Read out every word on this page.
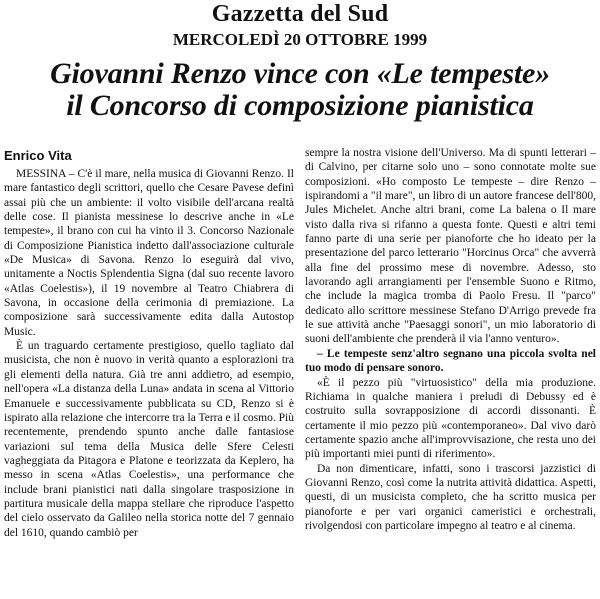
Gazzetta del Sud
MERCOLEDÌ 20 OTTOBRE 1999
Giovanni Renzo vince con «Le tempeste»
il Concorso di composizione pianistica
Enrico Vita

MESSINA – C'è il mare, nella musica di Giovanni Renzo. Il mare fantastico degli scrittori, quello che Cesare Pavese definì assai più che un ambiente: il volto visibile dell'arcana realtà delle cose. Il pianista messinese lo descrive anche in «Le tempeste», il brano con cui ha vinto il 3. Concorso Nazionale di Composizione Pianistica indetto dall'associazione culturale «De Musica» di Savona. Renzo lo eseguirà dal vivo, unitamente a Noctis Splendentia Signa (dal suo recente lavoro «Atlas Coelestis»), il 19 novembre al Teatro Chiabrera di Savona, in occasione della cerimonia di premiazione. La composizione sarà successivamente edita dalla Autostop Music.

È un traguardo certamente prestigioso, quello tagliato dal musicista, che non è nuovo in verità quanto a esplorazioni tra gli elementi della natura. Già tre anni addietro, ad esempio, nell'opera «La distanza della Luna» andata in scena al Vittorio Emanuele e successivamente pubblicata su CD, Renzo si è ispirato alla relazione che intercorre tra la Terra e il cosmo. Più recentemente, prendendo spunto anche dalle fantasiose variazioni sul tema della Musica delle Sfere Celesti vagheggiata da Pitagora e Platone e teorizzata da Keplero, ha messo in scena «Atlas Coelestis», una performance che include brani pianistici nati dalla singolare trasposizione in partitura musicale della mappa stellare che riproduce l'aspetto del cielo osservato da Galileo nella storica notte del 7 gennaio del 1610, quando cambiò per

sempre la nostra visione dell'Universo. Ma di spunti letterari – di Calvino, per citarne solo uno – sono connotate molte sue composizioni. «Ho composto Le tempeste – dire Renzo – ispirandomi a "il mare", un libro di un autore francese dell'800, Jules Michelet. Anche altri brani, come La balena o Il mare visto dalla riva si rifanno a questa fonte. Questi e altri temi fanno parte di una serie per pianoforte che ho ideato per la presentazione del parco letterario "Horcinus Orca" che avverrà alla fine del prossimo mese di novembre. Adesso, sto lavorando agli arrangiamenti per l'ensemble Suono e Ritmo, che include la magica tromba di Paolo Fresu. Il "parco" dedicato allo scrittore messinese Stefano D'Arrigo prevede fra le sue attività anche "Paesaggi sonori", un mio laboratorio di suoni dell'ambiente che prenderà il via l'anno venturo».

– Le tempeste senz'altro segnano una piccola svolta nel tuo modo di pensare sonoro.

«È il pezzo più "virtuosistico" della mia produzione. Richiama in qualche maniera i preludi di Debussy ed è costruito sulla sovrapposizione di accordi dissonanti. È certamente il mio pezzo più «contemporaneo». Dal vivo darò certamente spazio anche all'improvvisazione, che resta uno dei più importanti miei punti di riferimento».

Da non dimenticare, infatti, sono i trascorsi jazzistici di Giovanni Renzo, così come la nutrita attività didattica. Aspetti, questi, di un musicista completo, che ha scritto musica per pianoforte e per vari organici cameristici e orchestrali, rivolgendosi con particolare impegno al teatro e al cinema.
